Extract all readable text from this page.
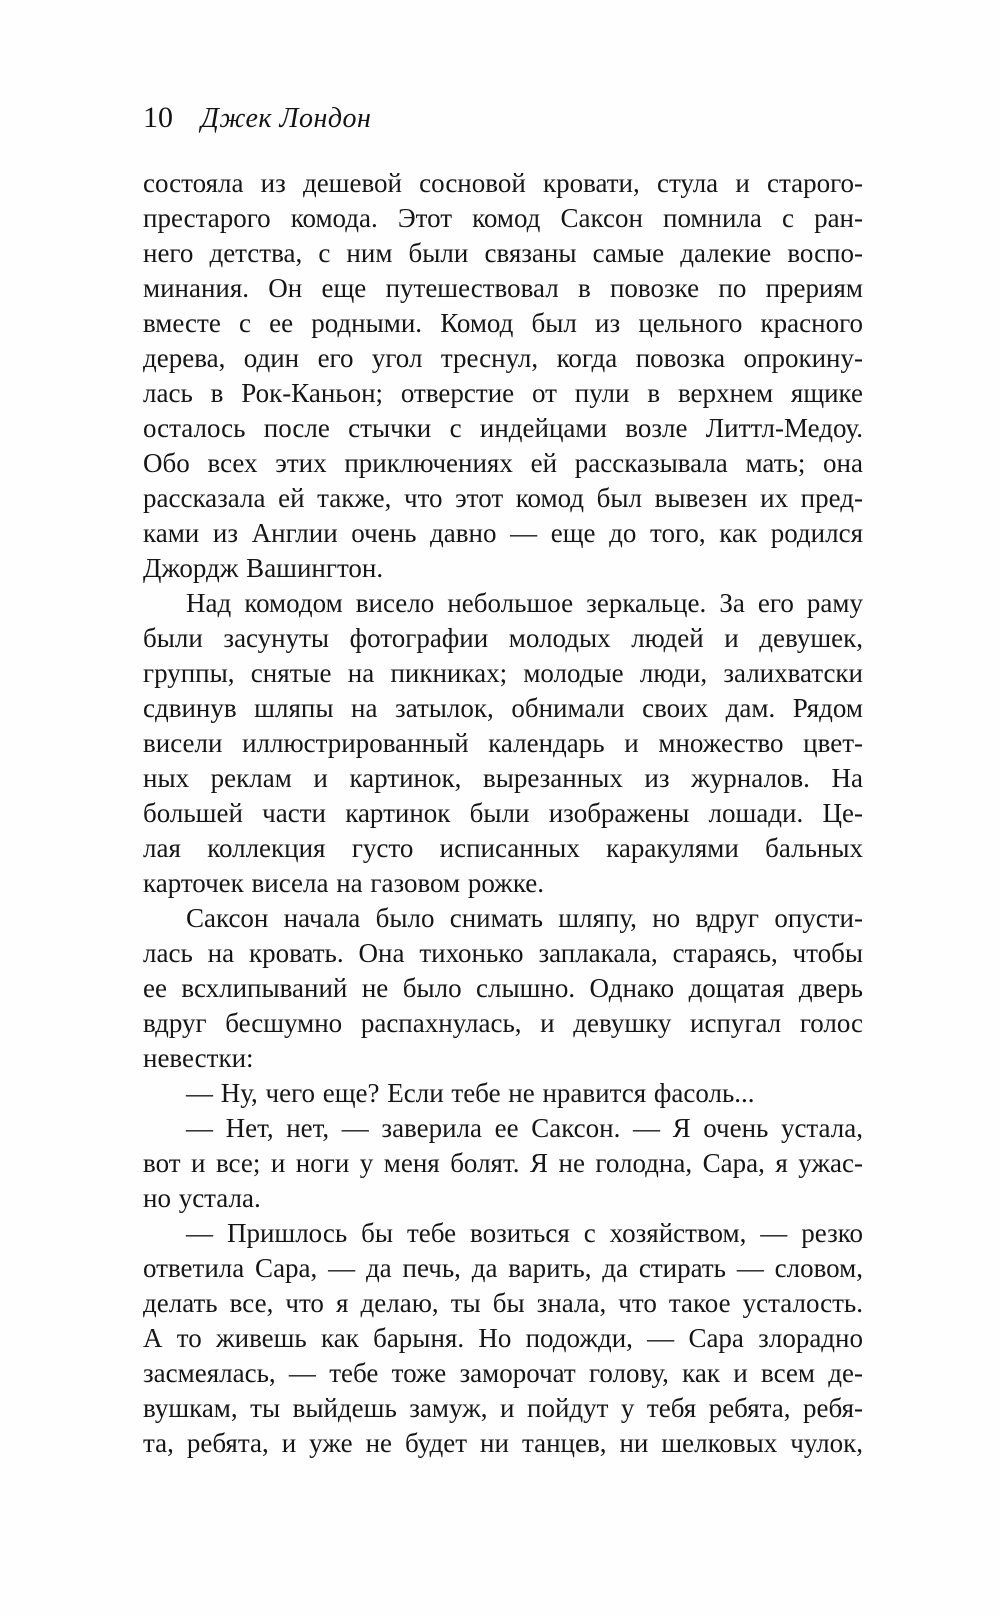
10 Джек Лондон
состояла из дешевой сосновой кровати, стула и старого-
престарого комода. Этот комод Саксон помнила с ран-
него детства, с ним были связаны самые далекие воспо-
минания. Он еще путешествовал в повозке по прериям
вместе с ее родными. Комод был из цельного красного
дерева, один его угол треснул, когда повозка опрокину-
лась в Рок-Каньон; отверстие от пули в верхнем ящике
осталось после стычки с индейцами возле Литтл-Медоу.
Обо всех этих приключениях ей рассказывала мать; она
рассказала ей также, что этот комод был вывезен их пред-
ками из Англии очень давно — еще до того, как родился
Джордж Вашингтон.
Над комодом висело небольшое зеркальце. За его раму
были засунуты фотографии молодых людей и девушек,
группы, снятые на пикниках; молодые люди, залихватски
сдвинув шляпы на затылок, обнимали своих дам. Рядом
висели иллюстрированный календарь и множество цвет-
ных реклам и картинок, вырезанных из журналов. На
большей части картинок были изображены лошади. Це-
лая коллекция густо исписанных каракулями бальных
карточек висела на газовом рожке.
Саксон начала было снимать шляпу, но вдруг опусти-
лась на кровать. Она тихонько заплакала, стараясь, чтобы
ее всхлипываний не было слышно. Однако дощатая дверь
вдруг бесшумно распахнулась, и девушку испугал голос
невестки:
— Ну, чего еще? Если тебе не нравится фасоль...
— Нет, нет, — заверила ее Саксон. — Я очень устала,
вот и все; и ноги у меня болят. Я не голодна, Сара, я ужас-
но устала.
— Пришлось бы тебе возиться с хозяйством, — резко
ответила Сара, — да печь, да варить, да стирать — словом,
делать все, что я делаю, ты бы знала, что такое усталость.
А то живешь как барыня. Но подожди, — Сара злорадно
засмеялась, — тебе тоже заморочат голову, как и всем де-
вушкам, ты выйдешь замуж, и пойдут у тебя ребята, ребя-
та, ребята, и уже не будет ни танцев, ни шелковых чулок,
